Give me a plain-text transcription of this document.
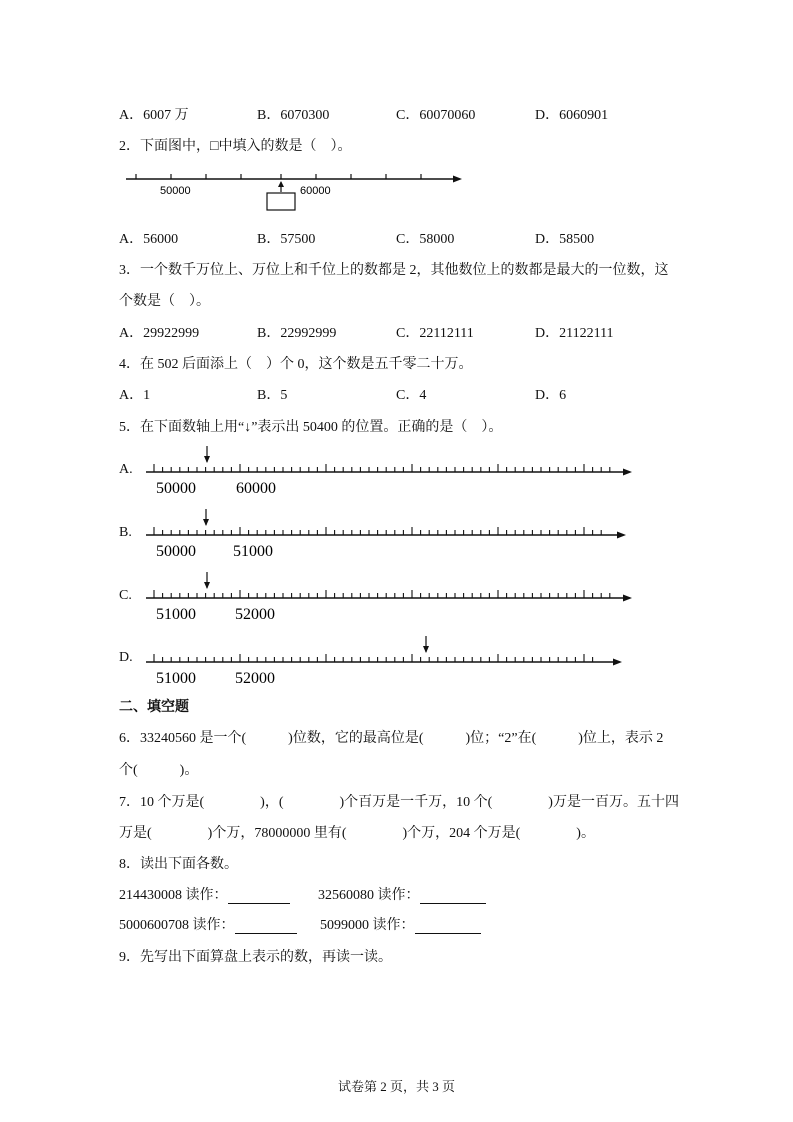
A．6007 万	B．6070300	C．60070060	D．6060901
2．下面图中，□中填入的数是（　）。
50000	60000
A．56000	B．57500	C．58000	D．58500
3．一个数千万位上、万位上和千位上的数都是 2，其他数位上的数都是最大的一位数，这
个数是（　）。
A．29922999	B．22992999	C．22112111	D．21122111
4．在 502 后面添上（　）个 0，这个数是五千零二十万。
A．1	B．5	C．4	D．6
5．在下面数轴上用“↓”表示出 50400 的位置。正确的是（　）。
A.
50000	60000
B.
50000 51000
C.
51000 52000
D.
51000 52000
二、填空题
6．33240560 是一个(　　　)位数，它的最高位是(　　　)位；“2”在(　　　)位上，表示 2
个(　　　)。
7．10 个万是(　　　　)，(　　　　)个百万是一千万，10 个(　　　　)万是一百万。五十四
万是(　　　　)个万，78000000 里有(　　　　)个万，204 个万是(　　　　)。
8．读出下面各数。
214430008 读作：	32560080 读作：
5000600708 读作：	5099000 读作：
9．先写出下面算盘上表示的数，再读一读。
试卷第 2 页，共 3 页
